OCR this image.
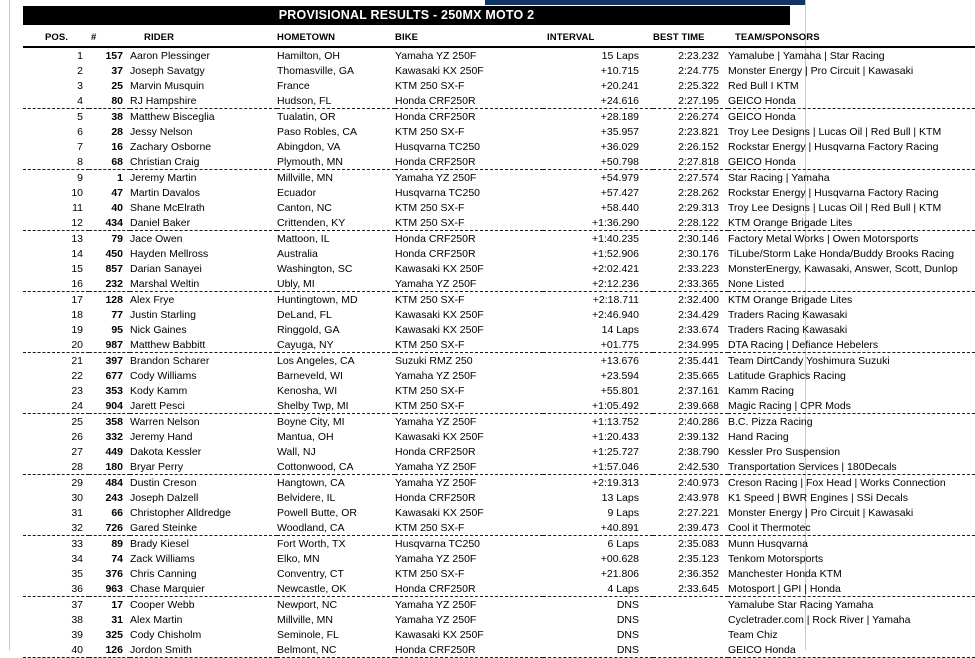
PROVISIONAL RESULTS - 250MX MOTO 2
POS.	#	RIDER	HOMETOWN	BIKE	INTERVAL	BEST TIME	TEAM/SPONSORS
1	157	Aaron Plessinger	Hamilton, OH	Yamaha YZ 250F	15 Laps	2:23.232	Yamalube | Yamaha | Star Racing
2	37	Joseph Savatgy	Thomasville, GA	Kawasaki KX 250F	+10.715	2:24.775	Monster Energy | Pro Circuit | Kawasaki
3	25	Marvin Musquin	France	KTM 250 SX-F	+20.241	2:25.322	Red Bull I KTM
4	80	RJ Hampshire	Hudson, FL	Honda CRF250R	+24.616	2:27.195	GEICO Honda
5	38	Matthew Bisceglia	Tualatin, OR	Honda CRF250R	+28.189	2:26.274	GEICO Honda
6	28	Jessy Nelson	Paso Robles, CA	KTM 250 SX-F	+35.957	2:23.821	Troy Lee Designs | Lucas Oil | Red Bull | KTM
7	16	Zachary Osborne	Abingdon, VA	Husqvarna TC250	+36.029	2:26.152	Rockstar Energy | Husqvarna Factory Racing
8	68	Christian Craig	Plymouth, MN	Honda CRF250R	+50.798	2:27.818	GEICO Honda
9	1	Jeremy Martin	Millville, MN	Yamaha YZ 250F	+54.979	2:27.574	Star Racing | Yamaha
10	47	Martin Davalos	Ecuador	Husqvarna TC250	+57.427	2:28.262	Rockstar Energy | Husqvarna Factory Racing
11	40	Shane McElrath	Canton, NC	KTM 250 SX-F	+58.440	2:29.313	Troy Lee Designs | Lucas Oil | Red Bull | KTM
12	434	Daniel Baker	Crittenden, KY	KTM 250 SX-F	+1:36.290	2:28.122	KTM Orange Brigade Lites
13	79	Jace Owen	Mattoon, IL	Honda CRF250R	+1:40.235	2:30.146	Factory Metal Works | Owen Motorsports
14	450	Hayden Mellross	Australia	Honda CRF250R	+1:52.906	2:30.176	TiLube/Storm Lake Honda/Buddy Brooks Racing
15	857	Darian Sanayei	Washington, SC	Kawasaki KX 250F	+2:02.421	2:33.223	MonsterEnergy, Kawasaki, Answer, Scott, Dunlop
16	232	Marshal Weltin	Ubly, MI	Yamaha YZ 250F	+2:12.236	2:33.365	None Listed
17	128	Alex Frye	Huntingtown, MD	KTM 250 SX-F	+2:18.711	2:32.400	KTM Orange Brigade Lites
18	77	Justin Starling	DeLand, FL	Kawasaki KX 250F	+2:46.940	2:34.429	Traders Racing Kawasaki
19	95	Nick Gaines	Ringgold, GA	Kawasaki KX 250F	14 Laps	2:33.674	Traders Racing Kawasaki
20	987	Matthew Babbitt	Cayuga, NY	KTM 250 SX-F	+01.775	2:34.995	DTA Racing | Defiance Hebelers
21	397	Brandon Scharer	Los Angeles, CA	Suzuki RMZ 250	+13.676	2:35.441	Team DirtCandy Yoshimura Suzuki
22	677	Cody Williams	Barneveld, WI	Yamaha YZ 250F	+23.594	2:35.665	Latitude Graphics Racing
23	353	Kody Kamm	Kenosha, WI	KTM 250 SX-F	+55.801	2:37.161	Kamm Racing
24	904	Jarett Pesci	Shelby Twp, MI	KTM 250 SX-F	+1:05.492	2:39.668	Magic Racing | CPR Mods
25	358	Warren Nelson	Boyne City, MI	Yamaha YZ 250F	+1:13.752	2:40.286	B.C. Pizza Racing
26	332	Jeremy Hand	Mantua, OH	Kawasaki KX 250F	+1:20.433	2:39.132	Hand Racing
27	449	Dakota Kessler	Wall, NJ	Honda CRF250R	+1:25.727	2:38.790	Kessler Pro Suspension
28	180	Bryar Perry	Cottonwood, CA	Yamaha YZ 250F	+1:57.046	2:42.530	Transportation Services | 180Decals
29	484	Dustin Creson	Hangtown, CA	Yamaha YZ 250F	+2:19.313	2:40.973	Creson Racing | Fox Head | Works Connection
30	243	Joseph Dalzell	Belvidere, IL	Honda CRF250R	13 Laps	2:43.978	K1 Speed | BWR Engines | SSi Decals
31	66	Christopher Alldredge	Powell Butte, OR	Kawasaki KX 250F	9 Laps	2:27.221	Monster Energy | Pro Circuit | Kawasaki
32	726	Gared Steinke	Woodland, CA	KTM 250 SX-F	+40.891	2:39.473	Cool it Thermotec
33	89	Brady Kiesel	Fort Worth, TX	Husqvarna TC250	6 Laps	2:35.083	Munn Husqvarna
34	74	Zack Williams	Elko, MN	Yamaha YZ 250F	+00.628	2:35.123	Tenkom Motorsports
35	376	Chris Canning	Conventry, CT	KTM 250 SX-F	+21.806	2:36.352	Manchester Honda KTM
36	963	Chase Marquier	Newcastle, OK	Honda CRF250R	4 Laps	2:33.645	Motosport | GPI | Honda
37	17	Cooper Webb	Newport, NC	Yamaha YZ 250F	DNS		Yamalube Star Racing Yamaha
38	31	Alex Martin	Millville, MN	Yamaha YZ 250F	DNS		Cycletrader.com | Rock River | Yamaha
39	325	Cody Chisholm	Seminole, FL	Kawasaki KX 250F	DNS		Team Chiz
40	126	Jordon Smith	Belmont, NC	Honda CRF250R	DNS		GEICO Honda
